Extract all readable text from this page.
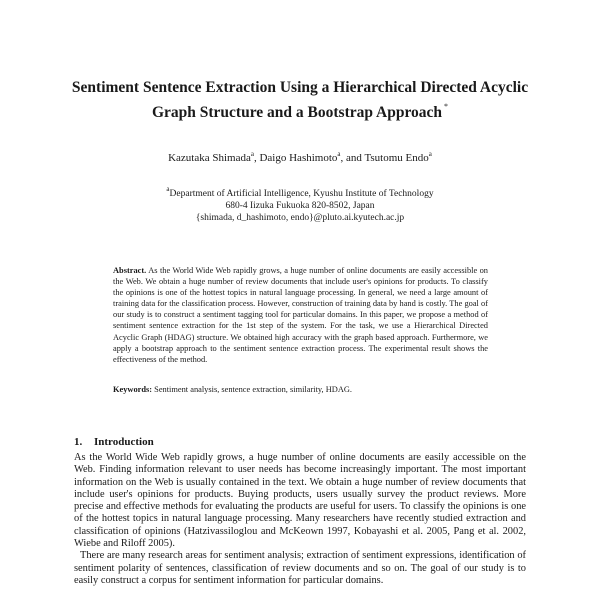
Sentiment Sentence Extraction Using a Hierarchical Directed Acyclic
Graph Structure and a Bootstrap Approach *
Kazutaka Shimada$^a$, Daigo Hashimoto$^a$, and Tsutomu Endo$^a$
$^a$Department of Artificial Intelligence, Kyushu Institute of Technology
680-4 Iizuka Fukuoka 820-8502, Japan
{shimada, d_hashimoto, endo}@pluto.ai.kyutech.ac.jp
Abstract. As the World Wide Web rapidly grows, a huge number of online documents are easily accessible on the Web. We obtain a huge number of review documents that include user's opinions for products. To classify the opinions is one of the hottest topics in natural language processing. In general, we need a large amount of training data for the classification process. However, construction of training data by hand is costly. The goal of our study is to construct a sentiment tagging tool for particular domains. In this paper, we propose a method of sentiment sentence extraction for the 1st step of the system. For the task, we use a Hierarchical Directed Acyclic Graph (HDAG) structure. We obtained high accuracy with the graph based approach. Furthermore, we apply a bootstrap approach to the sentiment sentence extraction process. The experimental result shows the effectiveness of the method.
Keywords: Sentiment analysis, sentence extraction, similarity, HDAG.
1. Introduction

As the World Wide Web rapidly grows, a huge number of online documents are easily accessible on the Web. Finding information relevant to user needs has become increasingly important. The most important information on the Web is usually contained in the text. We obtain a huge number of review documents that include user's opinions for products. Buying products, users usually survey the product reviews. More precise and effective methods for evaluating the products are useful for users. To classify the opinions is one of the hottest topics in natural language processing. Many researchers have recently studied extraction and classification of opinions (Hatzivassiloglou and McKeown 1997, Kobayashi et al. 2005, Pang et al. 2002, Wiebe and Riloff 2005).

There are many research areas for sentiment analysis; extraction of sentiment expressions, identification of sentiment polarity of sentences, classification of review documents and so on. The goal of our study is to easily construct a corpus for sentiment information for particular domains.
